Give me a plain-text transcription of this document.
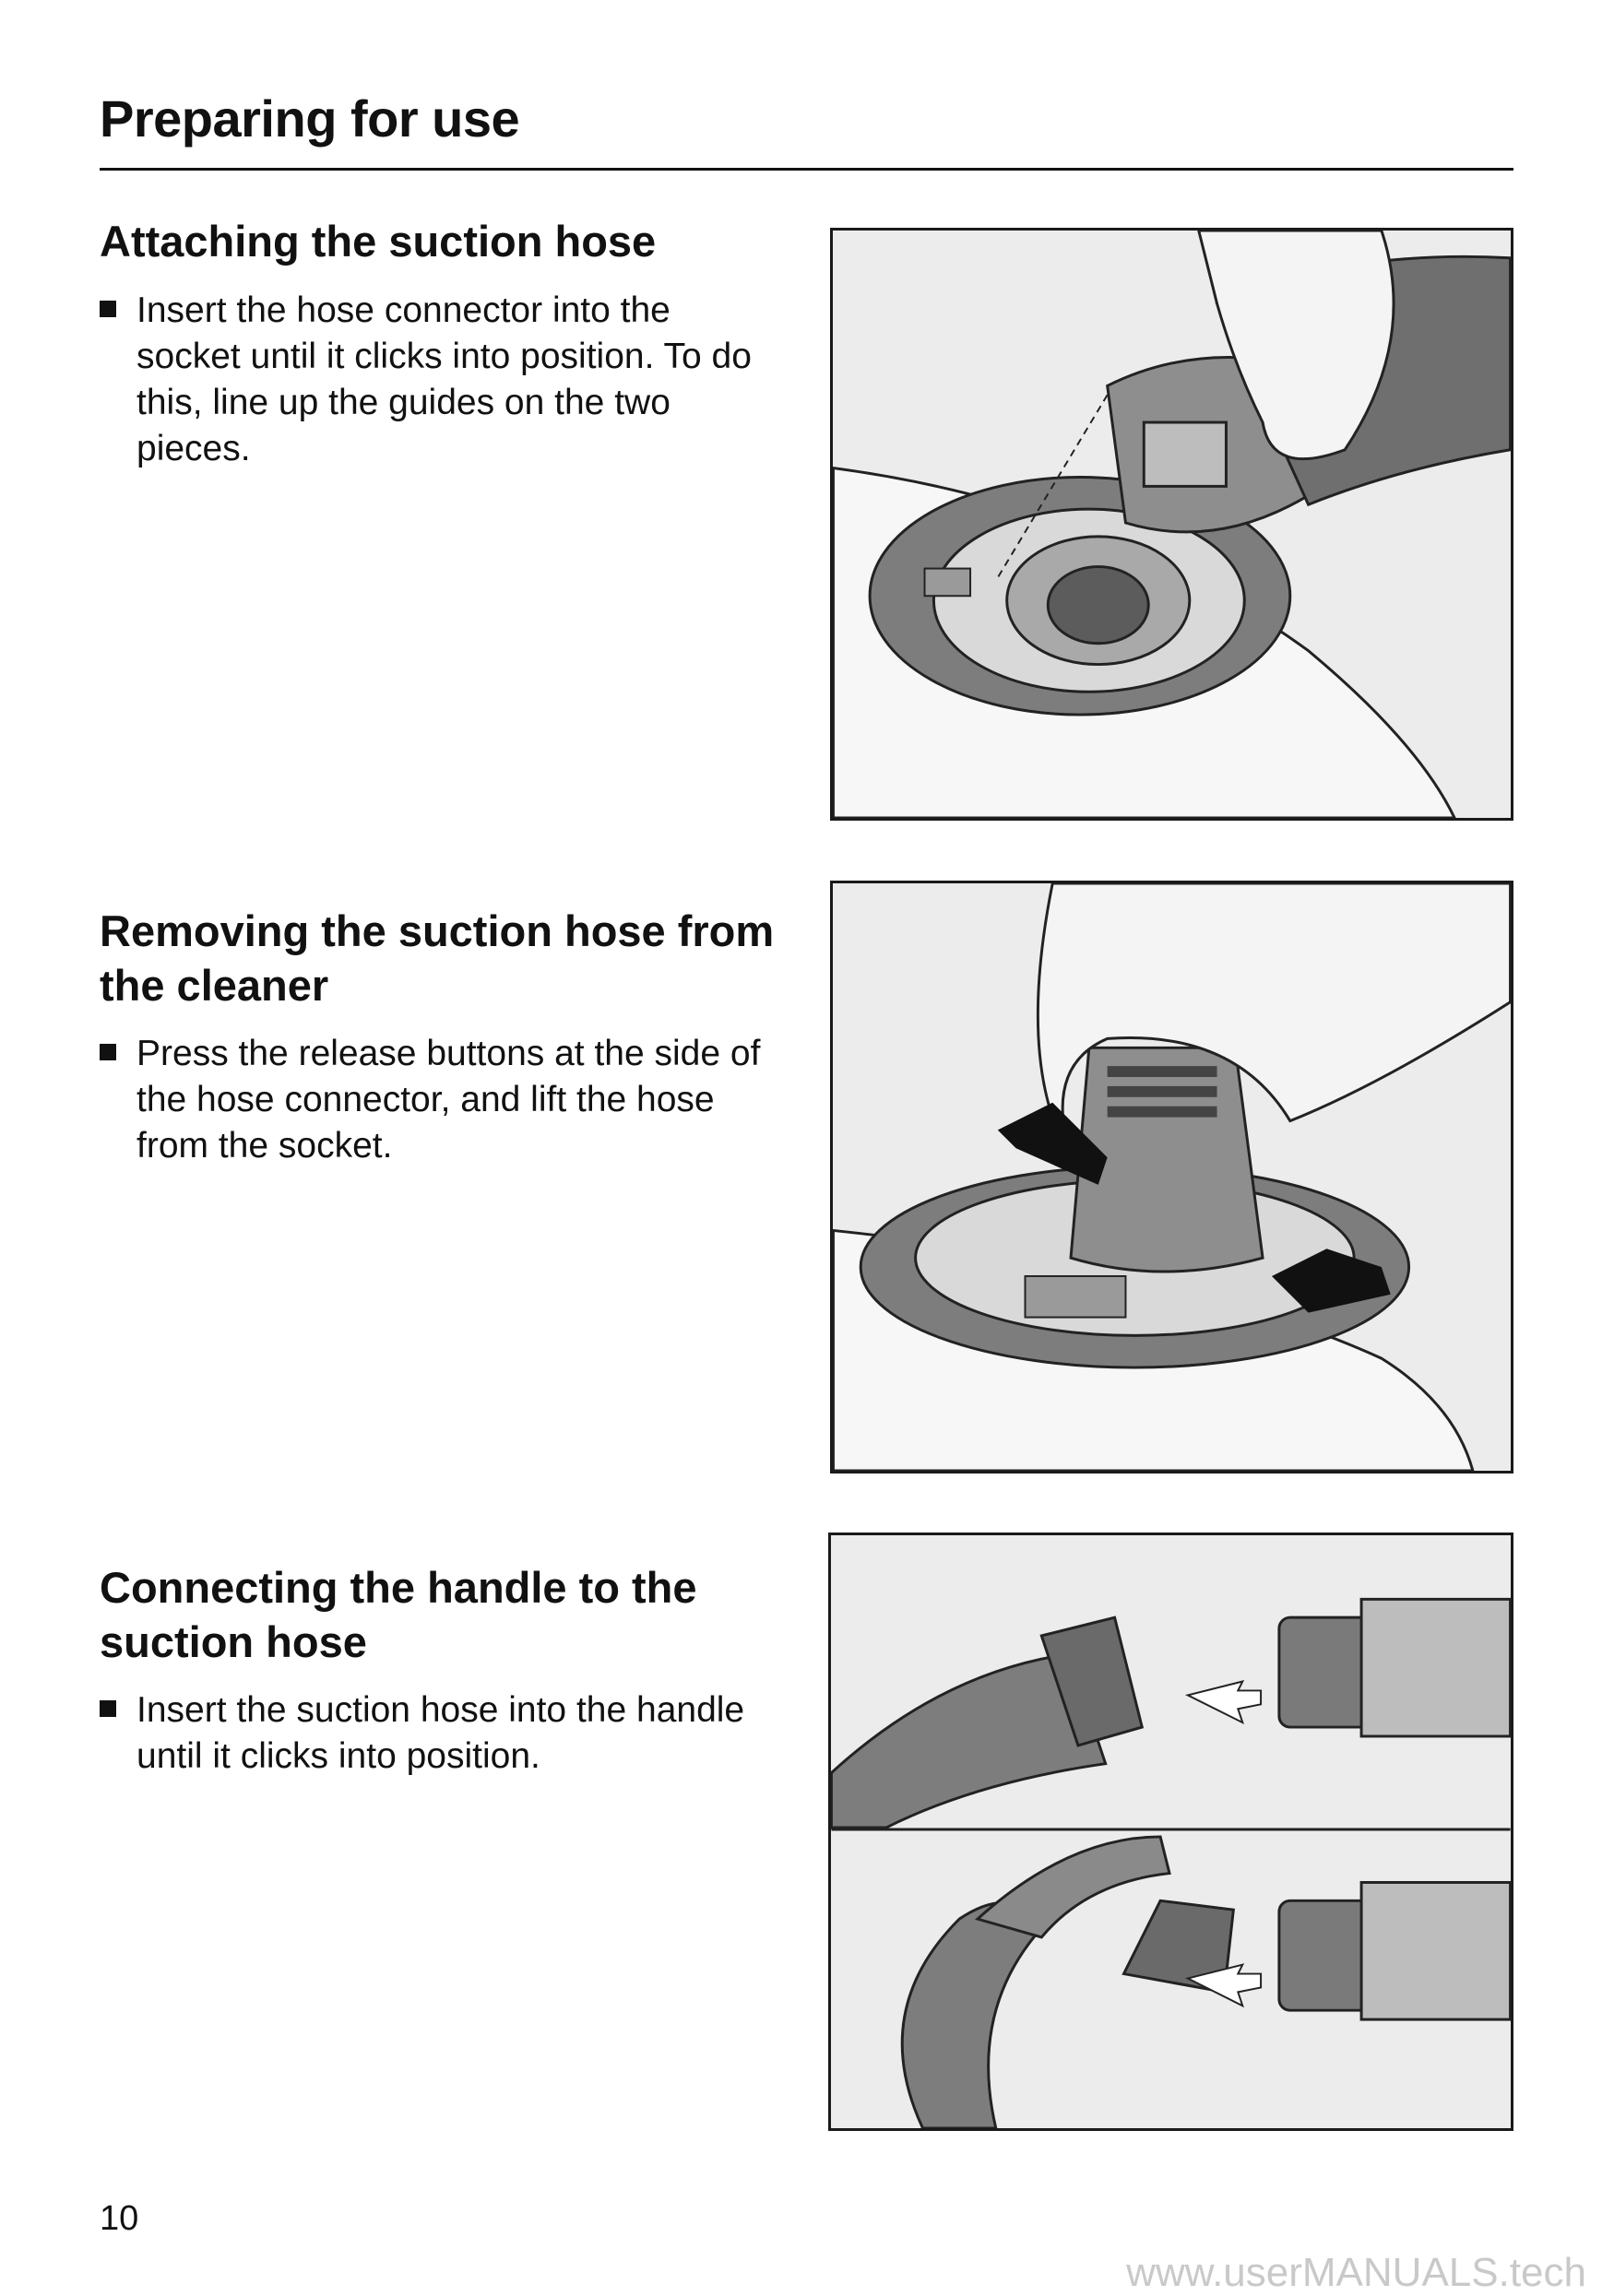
Preparing for use
Attaching the suction hose
Insert the hose connector into the socket until it clicks into position. To do this, line up the guides on the two pieces.
Removing the suction hose from the cleaner
Press the release buttons at the side of the hose connector, and lift the hose from the socket.
Connecting the handle to the suction hose
Insert the suction hose into the handle until it clicks into position.
10
www.userMANUALS.tech
